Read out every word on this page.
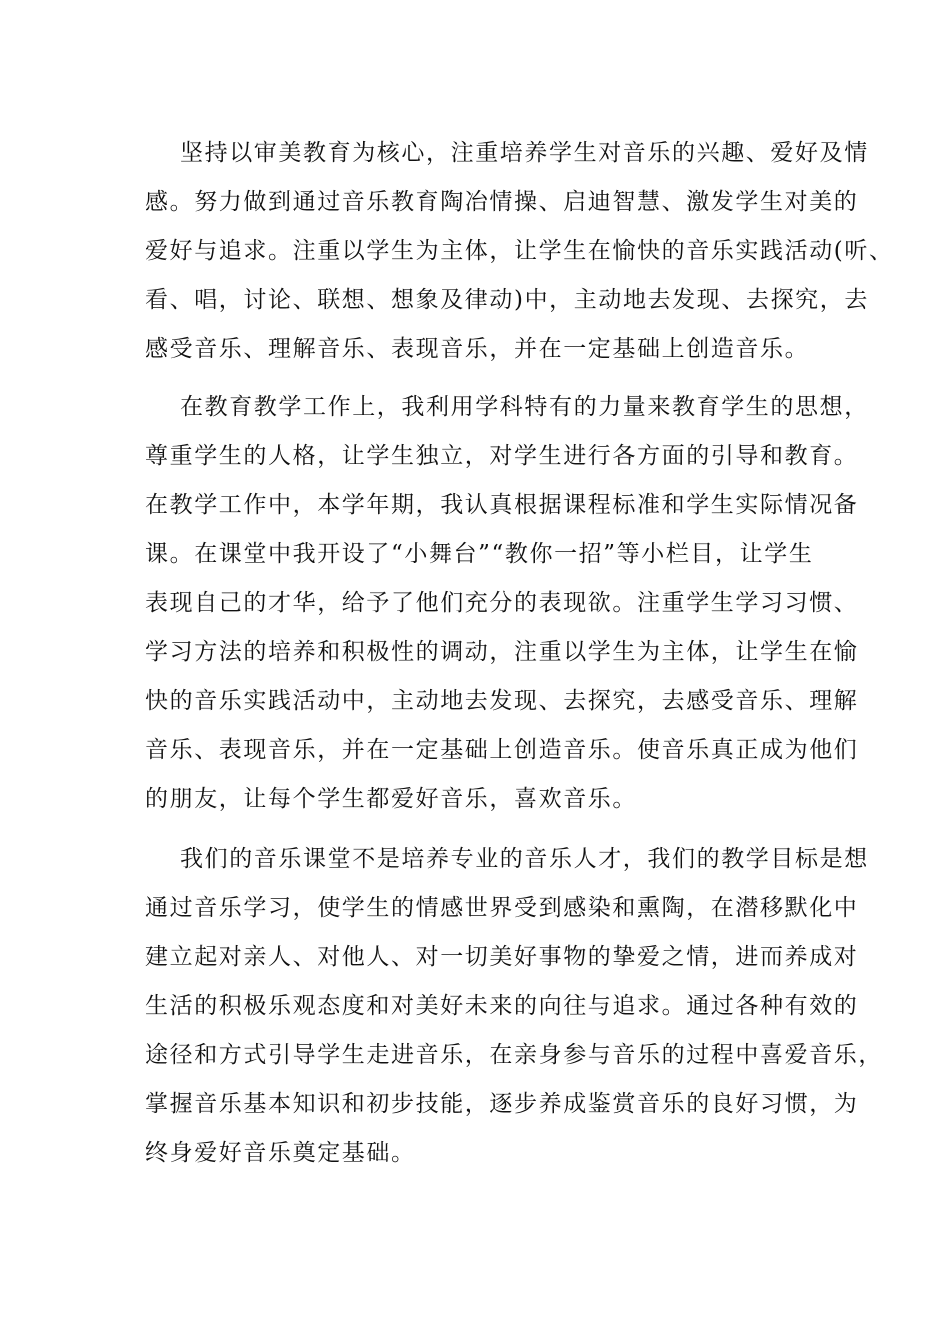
坚持以审美教育为核心，注重培养学生对音乐的兴趣、爱好及情
感。努力做到通过音乐教育陶冶情操、启迪智慧、激发学生对美的
爱好与追求。注重以学生为主体，让学生在愉快的音乐实践活动(听、
看、唱，讨论、联想、想象及律动)中，主动地去发现、去探究，去
感受音乐、理解音乐、表现音乐，并在一定基础上创造音乐。
在教育教学工作上，我利用学科特有的力量来教育学生的思想，
尊重学生的人格，让学生独立，对学生进行各方面的引导和教育。
在教学工作中，本学年期，我认真根据课程标准和学生实际情况备
课。在课堂中我开设了“小舞台”“教你一招”等小栏目，让学生
表现自己的才华，给予了他们充分的表现欲。注重学生学习习惯、
学习方法的培养和积极性的调动，注重以学生为主体，让学生在愉
快的音乐实践活动中，主动地去发现、去探究，去感受音乐、理解
音乐、表现音乐，并在一定基础上创造音乐。使音乐真正成为他们
的朋友，让每个学生都爱好音乐，喜欢音乐。
我们的音乐课堂不是培养专业的音乐人才，我们的教学目标是想
通过音乐学习，使学生的情感世界受到感染和熏陶，在潜移默化中
建立起对亲人、对他人、对一切美好事物的挚爱之情，进而养成对
生活的积极乐观态度和对美好未来的向往与追求。通过各种有效的
途径和方式引导学生走进音乐，在亲身参与音乐的过程中喜爱音乐，
掌握音乐基本知识和初步技能，逐步养成鉴赏音乐的良好习惯，为
终身爱好音乐奠定基础。
